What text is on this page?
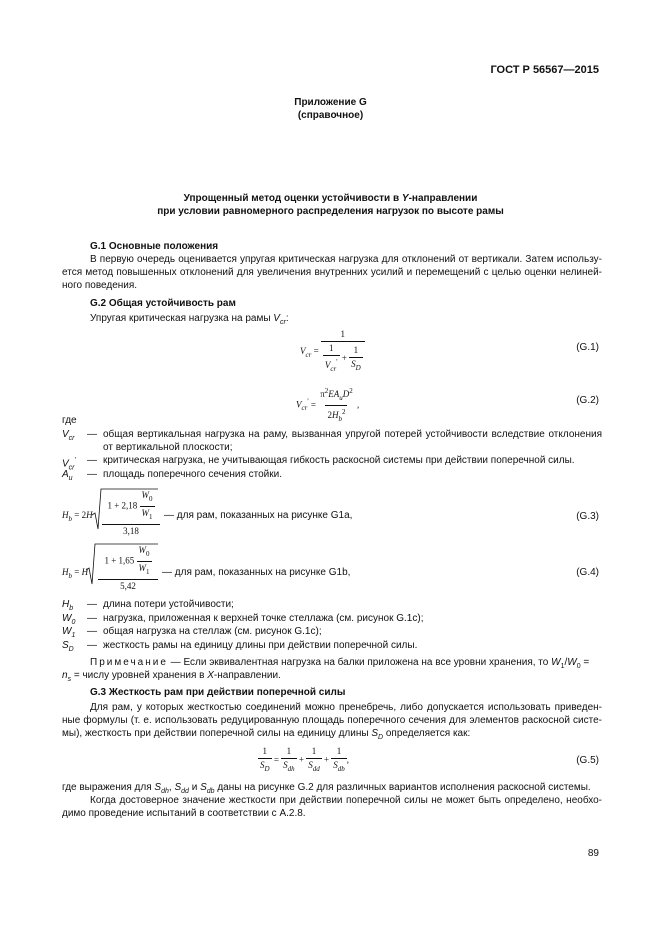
ГОСТ Р 56567—2015
Приложение G
(справочное)
Упрощенный метод оценки устойчивости в Y-направлении
при условии равномерного распределения нагрузок по высоте рамы
G.1 Основные положения
В первую очередь оценивается упругая критическая нагрузка для отклонений от вертикали. Затем использу-ется метод повышенных отклонений для увеличения внутренних усилий и перемещений с целью оценки нелиней-ного поведения.
G.2 Общая устойчивость рам
Упругая критическая нагрузка на рамы $V_{cr}$:
$V_{cr} = \frac{1}{\frac{1}{V_{cr}'} + \frac{1}{S_D}}$	(G.1)
$V_{cr}' = \frac{\pi^2EA_uD^2}{2H_b^2}$ ,	(G.2)
где
$V_{cr}$ — общая вертикальная нагрузка на раму, вызванная упругой потерей устойчивости вследствие отклонения от вертикальной плоскости;
$V_{cr}'$ — критическая нагрузка, не учитывающая гибкость раскосной системы при действии поперечной силы.
$A_u$ — площадь поперечного сечения стойки.
$H_b = 2H \frac{1 + 2,18 \frac{W_0}{W_1}}{3,18}$ — для рам, показанных на рисунке G1a,	(G.3)
$H_b = H \frac{1 + 1,65 \frac{W_0}{W_1}}{5,42}$ — для рам, показанных на рисунке G1b,	(G.4)
$H_b$ — длина потери устойчивости;
$W_0$ — нагрузка, приложенная к верхней точке стеллажа (см. рисунок G.1c);
$W_1$ — общая нагрузка на стеллаж (см. рисунок G.1c);
$S_D$ — жесткость рамы на единицу длины при действии поперечной силы.
Примечание — Если эквивалентная нагрузка на балки приложена на все уровни хранения, то $W_1/W_0$ =
$n_s$ = числу уровней хранения в X-направлении.
G.3 Жесткость рам при действии поперечной силы
Для рам, у которых жесткостью соединений можно пренебречь, либо допускается использовать приведен-ные формулы (т. е. использовать редуцированную площадь поперечного сечения для элементов раскосной систе-мы), жесткость при действии поперечной силы на единицу длины $S_D$ определяется как:
$\frac{1}{S_D} = \frac{1}{S_{dh}} + \frac{1}{S_{dd}} + \frac{1}{S_{db}}$ ,	(G.5)
где выражения для $S_{dh}$, $S_{dd}$ и $S_{db}$ даны на рисунке G.2 для различных вариантов исполнения раскосной системы.
Когда достоверное значение жесткости при действии поперечной силы не может быть определено, необхо-димо проведение испытаний в соответствии с А.2.8.
89
